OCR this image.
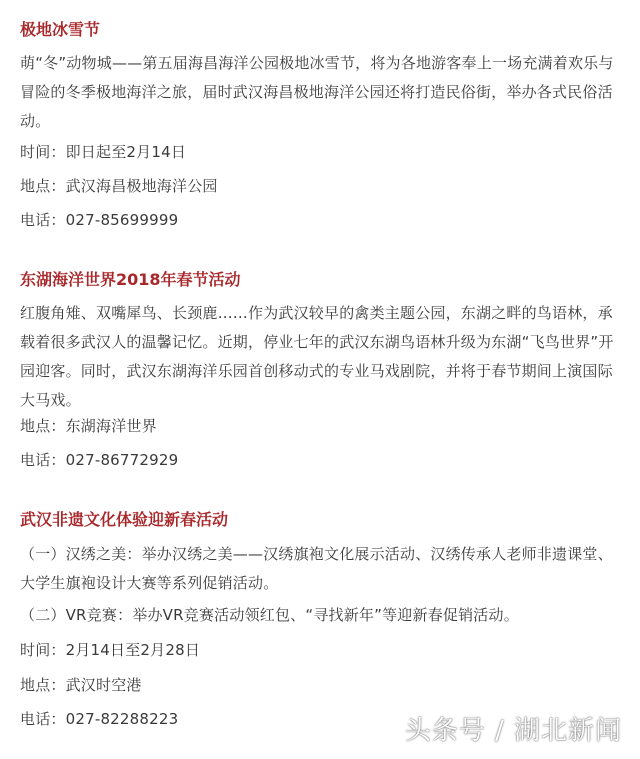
极地冰雪节

萌“冬”动物城——第五届海昌海洋公园极地冰雪节，将为各地游客奉上一场充满着欢乐与冒险的冬季极地海洋之旅，届时武汉海昌极地海洋公园还将打造民俗街，举办各式民俗活动。

时间：即日起至2月14日

地点：武汉海昌极地海洋公园

电话：027-85699999

东湖海洋世界2018年春节活动

红腹角雉、双嘴犀鸟、长颈鹿……作为武汉较早的禽类主题公园，东湖之畔的鸟语林，承载着很多武汉人的温馨记忆。近期，停业七年的武汉东湖鸟语林升级为东湖“飞鸟世界”开园迎客。同时，武汉东湖海洋乐园首创移动式的专业马戏剧院，并将于春节期间上演国际大马戏。

地点：东湖海洋世界

电话：027-86772929

武汉非遗文化体验迎新春活动

（一）汉绣之美：举办汉绣之美——汉绣旗袍文化展示活动、汉绣传承人老师非遗课堂、大学生旗袍设计大赛等系列促销活动。

（二）VR竞赛：举办VR竞赛活动领红包、“寻找新年”等迎新春促销活动。

时间：2月14日至2月28日

地点：武汉时空港

电话：027-82288223	头条号 / 湖北新闻
